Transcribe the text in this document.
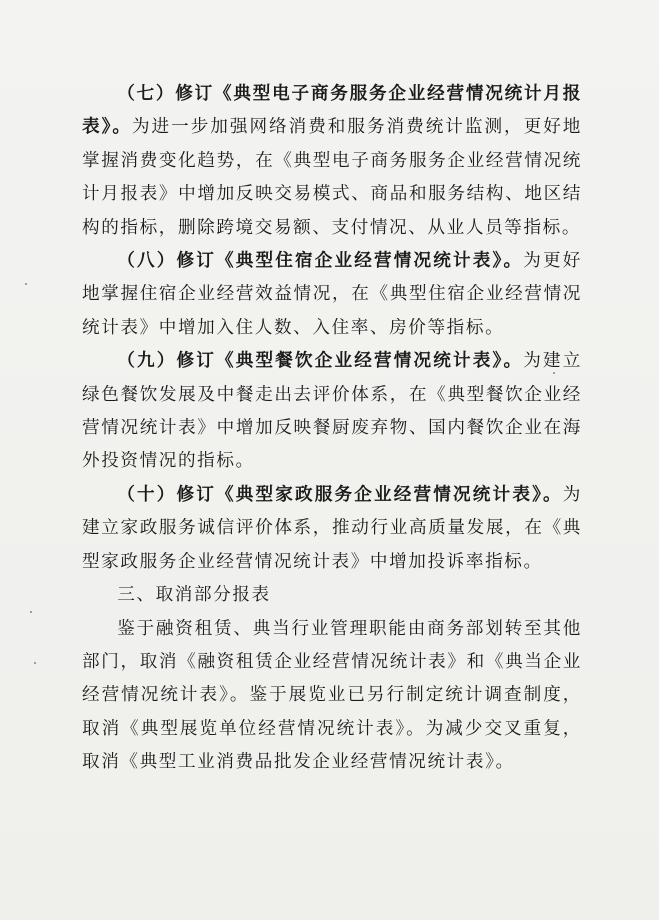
（七）修订《典型电子商务服务企业经营情况统计月报表》。为进一步加强网络消费和服务消费统计监测，更好地掌握消费变化趋势，在《典型电子商务服务企业经营情况统计月报表》中增加反映交易模式、商品和服务结构、地区结构的指标，删除跨境交易额、支付情况、从业人员等指标。

（八）修订《典型住宿企业经营情况统计表》。为更好地掌握住宿企业经营效益情况，在《典型住宿企业经营情况统计表》中增加入住人数、入住率、房价等指标。

（九）修订《典型餐饮企业经营情况统计表》。为建立绿色餐饮发展及中餐走出去评价体系，在《典型餐饮企业经营情况统计表》中增加反映餐厨废弃物、国内餐饮企业在海外投资情况的指标。

（十）修订《典型家政服务企业经营情况统计表》。为建立家政服务诚信评价体系，推动行业高质量发展，在《典型家政服务企业经营情况统计表》中增加投诉率指标。

三、取消部分报表

鉴于融资租赁、典当行业管理职能由商务部划转至其他部门，取消《融资租赁企业经营情况统计表》和《典当企业经营情况统计表》。鉴于展览业已另行制定统计调查制度，取消《典型展览单位经营情况统计表》。为减少交叉重复，取消《典型工业消费品批发企业经营情况统计表》。
